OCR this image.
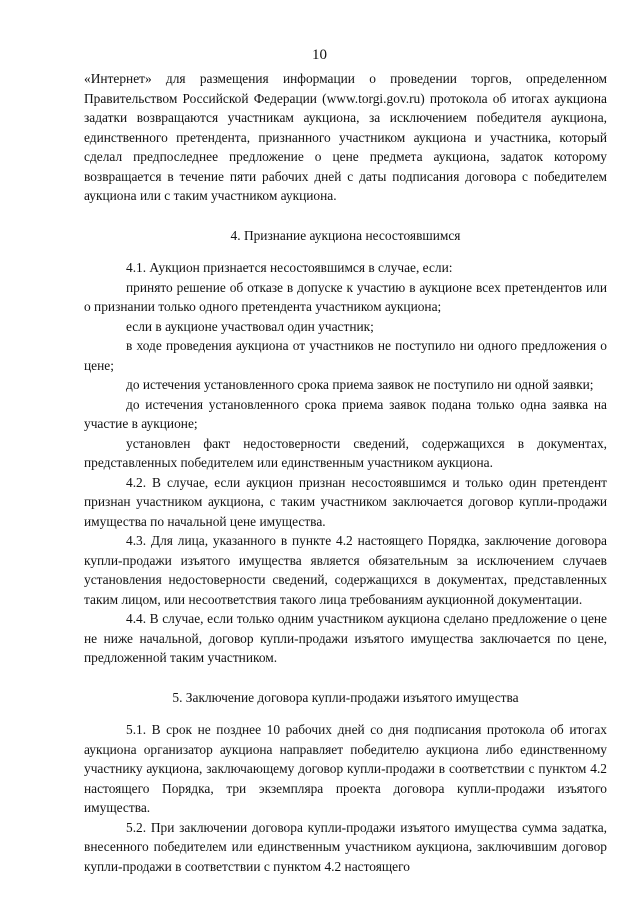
10

«Интернет» для размещения информации о проведении торгов, определенном Правительством Российской Федерации (www.torgi.gov.ru) протокола об итогах аукциона задатки возвращаются участникам аукциона, за исключением победителя аукциона, единственного претендента, признанного участником аукциона и участника, который сделал предпоследнее предложение о цене предмета аукциона, задаток которому возвращается в течение пяти рабочих дней с даты подписания договора с победителем аукциона или с таким участником аукциона.

4. Признание аукциона несостоявшимся

4.1. Аукцион признается несостоявшимся в случае, если:

принято решение об отказе в допуске к участию в аукционе всех претендентов или о признании только одного претендента участником аукциона;

если в аукционе участвовал один участник;

в ходе проведения аукциона от участников не поступило ни одного предложения о цене;

до истечения установленного срока приема заявок не поступило ни одной заявки;

до истечения установленного срока приема заявок подана только одна заявка на участие в аукционе;

установлен факт недостоверности сведений, содержащихся в документах, представленных победителем или единственным участником аукциона.

4.2. В случае, если аукцион признан несостоявшимся и только один претендент признан участником аукциона, с таким участником заключается договор купли-продажи имущества по начальной цене имущества.

4.3. Для лица, указанного в пункте 4.2 настоящего Порядка, заключение договора купли-продажи изъятого имущества является обязательным за исключением случаев установления недостоверности сведений, содержащихся в документах, представленных таким лицом, или несоответствия такого лица требованиям аукционной документации.

4.4. В случае, если только одним участником аукциона сделано предложение о цене не ниже начальной, договор купли-продажи изъятого имущества заключается по цене, предложенной таким участником.

5. Заключение договора купли-продажи изъятого имущества

5.1. В срок не позднее 10 рабочих дней со дня подписания протокола об итогах аукциона организатор аукциона направляет победителю аукциона либо единственному участнику аукциона, заключающему договор купли-продажи в соответствии с пунктом 4.2 настоящего Порядка, три экземпляра проекта договора купли-продажи изъятого имущества.

5.2. При заключении договора купли-продажи изъятого имущества сумма задатка, внесенного победителем или единственным участником аукциона, заключившим договор купли-продажи в соответствии с пунктом 4.2 настоящего
